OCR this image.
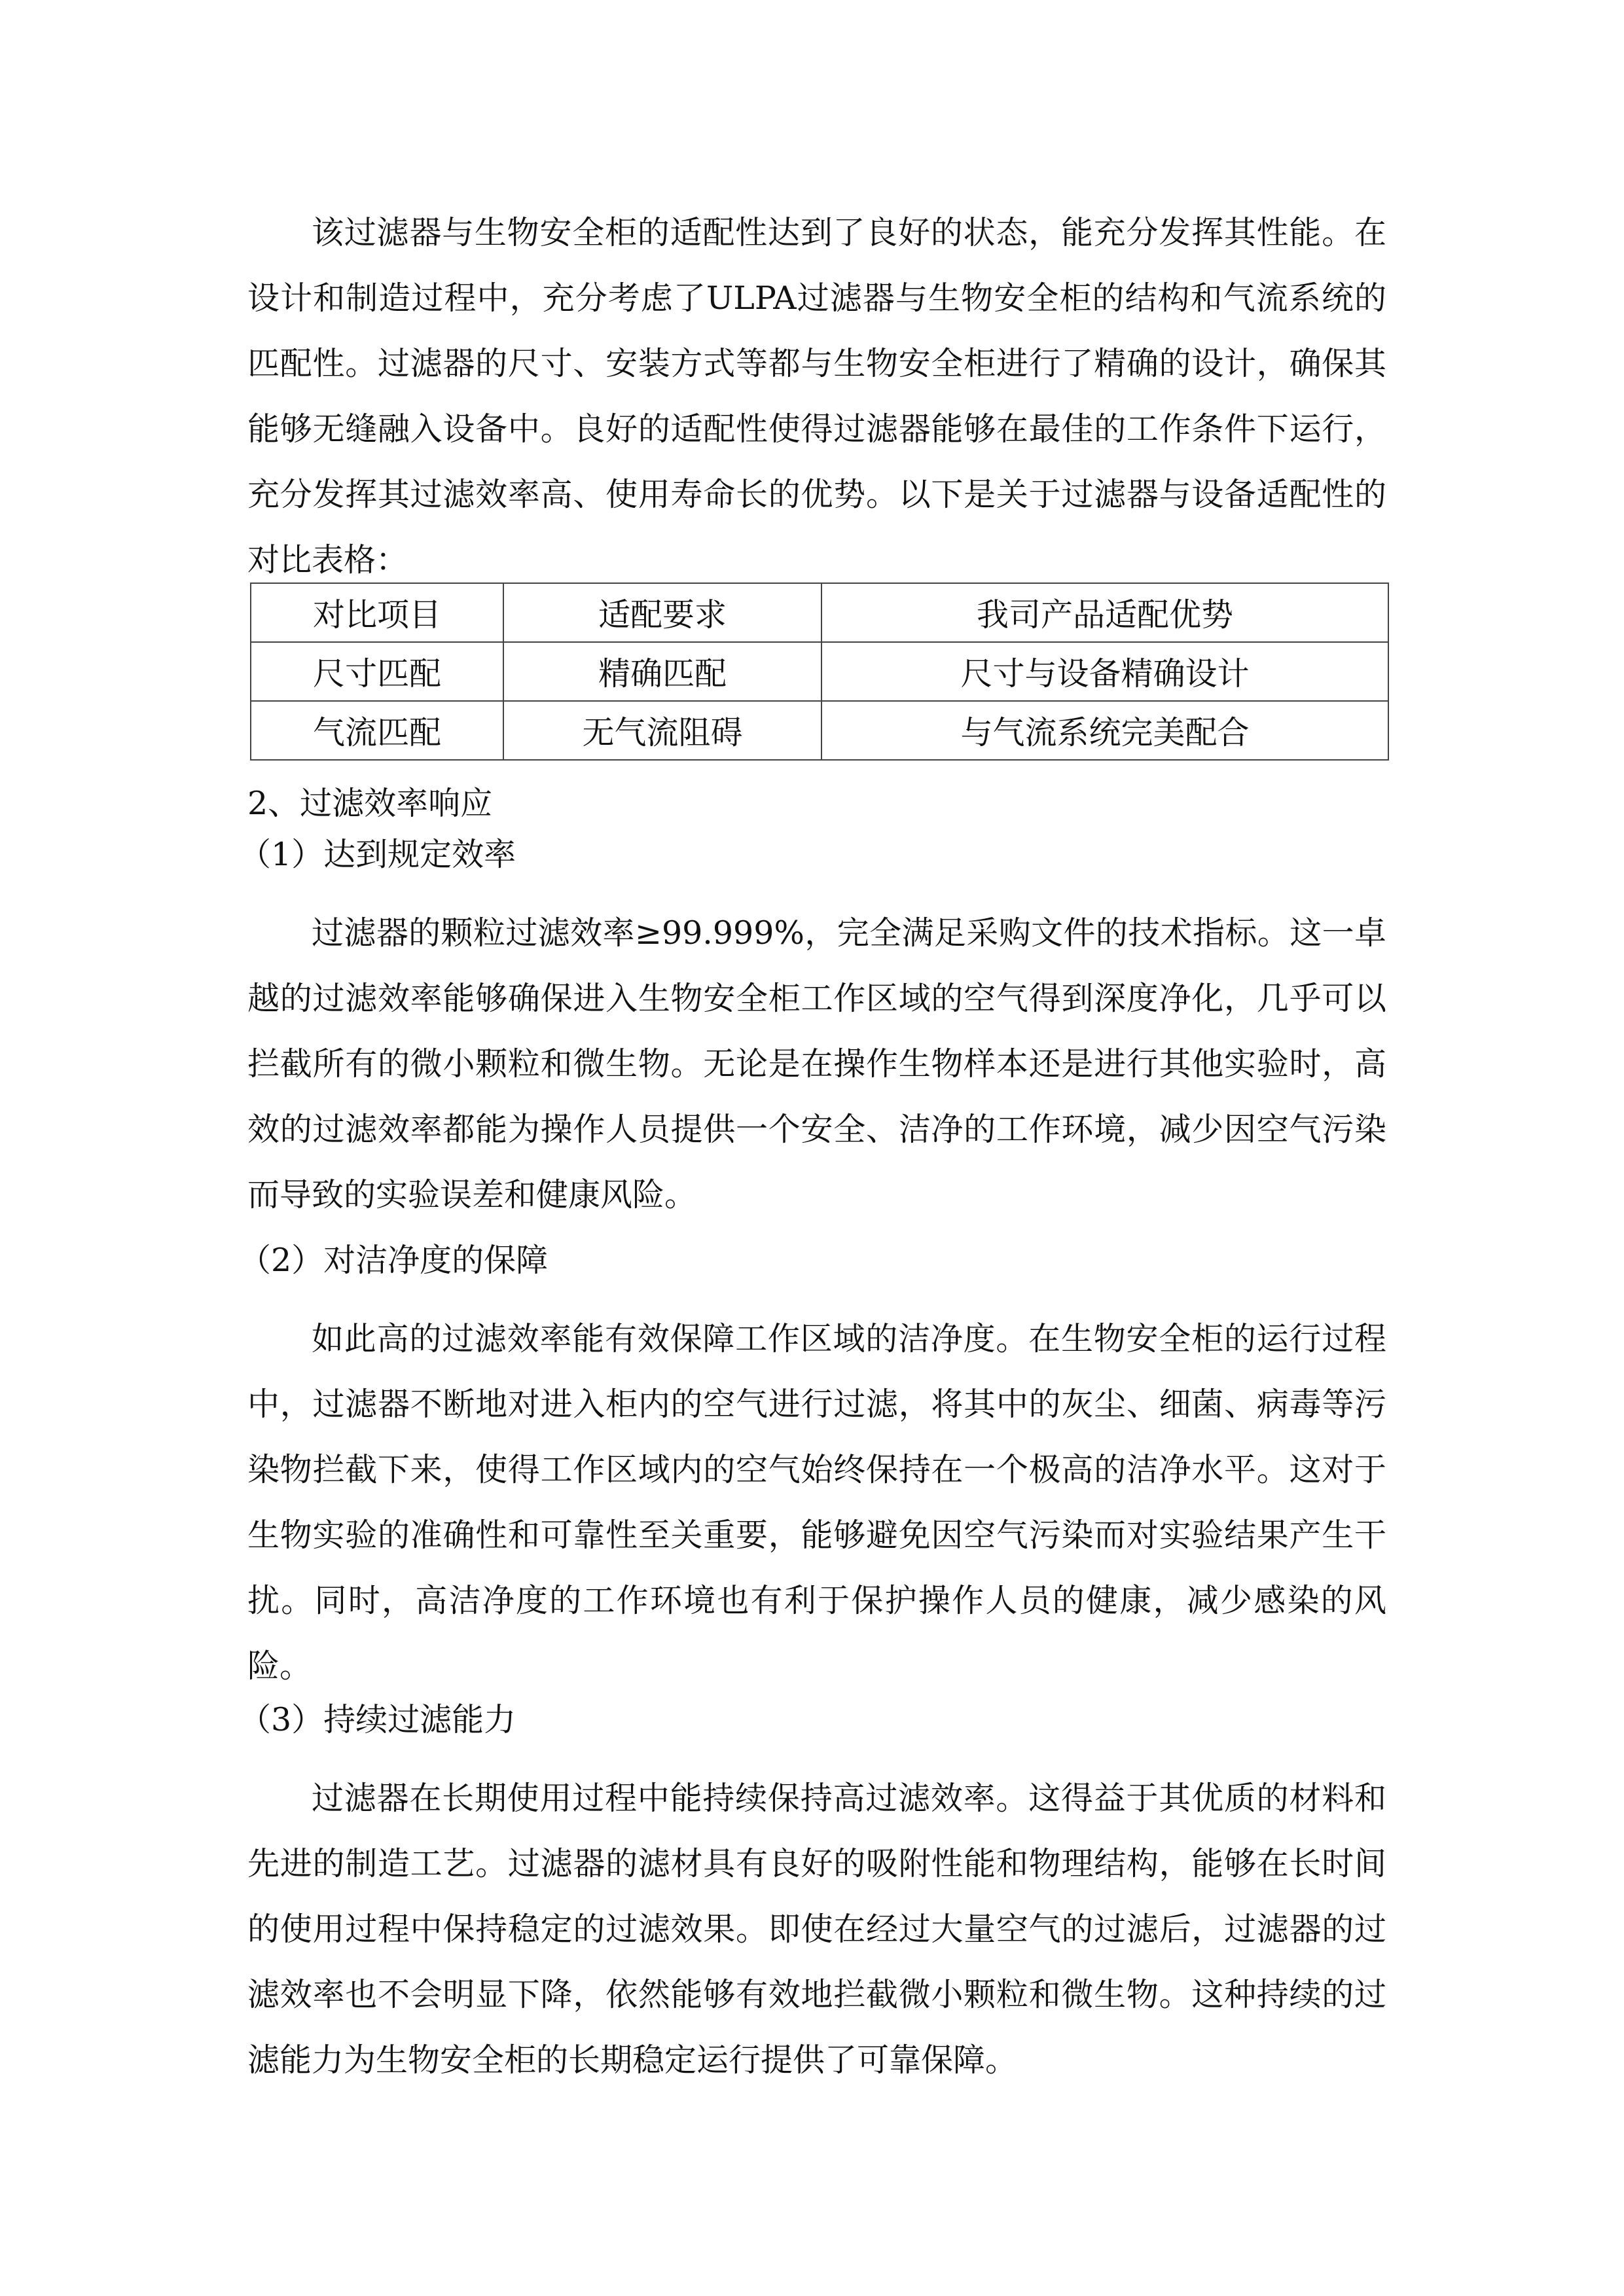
该过滤器与生物安全柜的适配性达到了良好的状态，能充分发挥其性能。在设计和制造过程中，充分考虑了ULPA过滤器与生物安全柜的结构和气流系统的匹配性。过滤器的尺寸、安装方式等都与生物安全柜进行了精确的设计，确保其能够无缝融入设备中。良好的适配性使得过滤器能够在最佳的工作条件下运行，充分发挥其过滤效率高、使用寿命长的优势。以下是关于过滤器与设备适配性的对比表格：

对比项目	适配要求	我司产品适配优势
尺寸匹配	精确匹配	尺寸与设备精确设计
气流匹配	无气流阻碍	与气流系统完美配合
2、过滤效率响应
（1）达到规定效率

过滤器的颗粒过滤效率≥99.999%，完全满足采购文件的技术指标。这一卓越的过滤效率能够确保进入生物安全柜工作区域的空气得到深度净化，几乎可以拦截所有的微小颗粒和微生物。无论是在操作生物样本还是进行其他实验时，高效的过滤效率都能为操作人员提供一个安全、洁净的工作环境，减少因空气污染而导致的实验误差和健康风险。

（2）对洁净度的保障

如此高的过滤效率能有效保障工作区域的洁净度。在生物安全柜的运行过程中，过滤器不断地对进入柜内的空气进行过滤，将其中的灰尘、细菌、病毒等污染物拦截下来，使得工作区域内的空气始终保持在一个极高的洁净水平。这对于生物实验的准确性和可靠性至关重要，能够避免因空气污染而对实验结果产生干扰。同时，高洁净度的工作环境也有利于保护操作人员的健康，减少感染的风险。

（3）持续过滤能力

过滤器在长期使用过程中能持续保持高过滤效率。这得益于其优质的材料和先进的制造工艺。过滤器的滤材具有良好的吸附性能和物理结构，能够在长时间的使用过程中保持稳定的过滤效果。即使在经过大量空气的过滤后，过滤器的过滤效率也不会明显下降，依然能够有效地拦截微小颗粒和微生物。这种持续的过滤能力为生物安全柜的长期稳定运行提供了可靠保障。
